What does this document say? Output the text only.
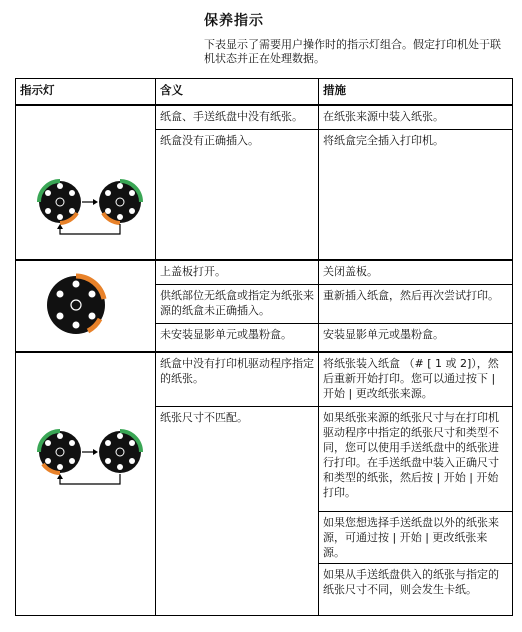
保养指示
下表显示了需要用户操作时的指示灯组合。假定打印机处于联机状态并正在处理数据。
指示灯	含义	措施

	纸盒、手送纸盘中没有纸张。	在纸张来源中装入纸张。
	纸盒没有正确插入。	将纸盒完全插入打印机。

	上盖板打开。	关闭盖板。
	供纸部位无纸盒或指定为纸张来源的纸盒未正确插入。	重新插入纸盒，然后再次尝试打印。
	未安装显影单元或墨粉盒。	安装显影单元或墨粉盒。

	纸盒中没有打印机驱动程序指定的纸张。	将纸张装入纸盒 （# [ 1 或 2]），然后重新开始打印。您可以通过按下 | 开始 | 更改纸张来源。
	纸张尺寸不匹配。	如果纸张来源的纸张尺寸与在打印机驱动程序中指定的纸张尺寸和类型不同，您可以使用手送纸盘中的纸张进行打印。在手送纸盘中装入正确尺寸和类型的纸张，然后按 | 开始 | 开始打印。
		如果您想选择手送纸盘以外的纸张来源，可通过按 | 开始 | 更改纸张来源。
		如果从手送纸盘供入的纸张与指定的纸张尺寸不同，则会发生卡纸。
